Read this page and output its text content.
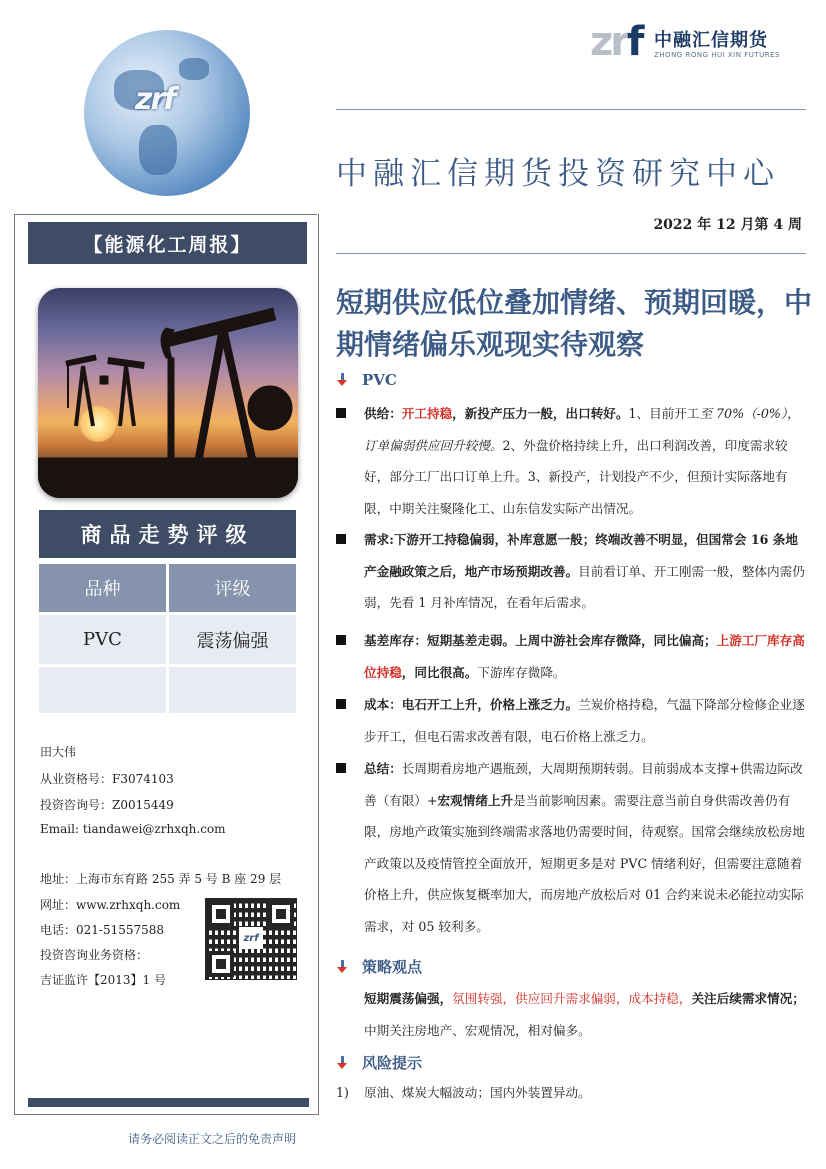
zrf
zrf 中融汇信期货
ZHONG RONG HUI XIN FUTURES
中融汇信期货投资研究中心
2022 年 12 月第 4 周
【能源化工周报】
商品走势评级
品种	评级
PVC	震荡偏强
田大伟
从业资格号：F3074103
投资咨询号：Z0015449
Email: tiandawei@zrhxqh.com
地址：上海市东育路 255 弄 5 号 B 座 29 层
网址：www.zrhxqh.com
电话：021-51557588
投资咨询业务资格：
吉证监许【2013】1 号
zrf
请务必阅读正文之后的免责声明
短期供应低位叠加情绪、预期回暖，中期情绪偏乐观现实待观察
PVC
供给：开工持稳，新投产压力一般，出口转好。1、目前开工至 70%（-0%），订单偏弱供应回升较慢。2、外盘价格持续上升，出口利润改善，印度需求较好，部分工厂出口订单上升。3、新投产，计划投产不少，但预计实际落地有限，中期关注聚隆化工、山东信发实际产出情况。
需求:下游开工持稳偏弱，补库意愿一般；终端改善不明显，但国常会 16 条地产金融政策之后，地产市场预期改善。目前看订单、开工刚需一般，整体内需仍弱，先看 1 月补库情况，在看年后需求。
基差库存：短期基差走弱。上周中游社会库存微降，同比偏高；上游工厂库存高位持稳，同比很高。下游库存微降。
成本：电石开工上升，价格上涨乏力。兰炭价格持稳，气温下降部分检修企业逐步开工，但电石需求改善有限，电石价格上涨乏力。
总结：长周期看房地产遇瓶颈，大周期预期转弱。目前弱成本支撑+供需边际改善（有限）+宏观情绪上升是当前影响因素。需要注意当前自身供需改善仍有限，房地产政策实施到终端需求落地仍需要时间，待观察。国常会继续放松房地产政策以及疫情管控全面放开，短期更多是对 PVC 情绪利好，但需要注意随着价格上升，供应恢复概率加大，而房地产放松后对 01 合约来说未必能拉动实际需求，对 05 较利多。
策略观点
短期震荡偏强，氛围转强，供应回升需求偏弱，成本持稳，关注后续需求情况；中期关注房地产、宏观情况，相对偏多。
风险提示
1) 原油、煤炭大幅波动；国内外装置异动。
